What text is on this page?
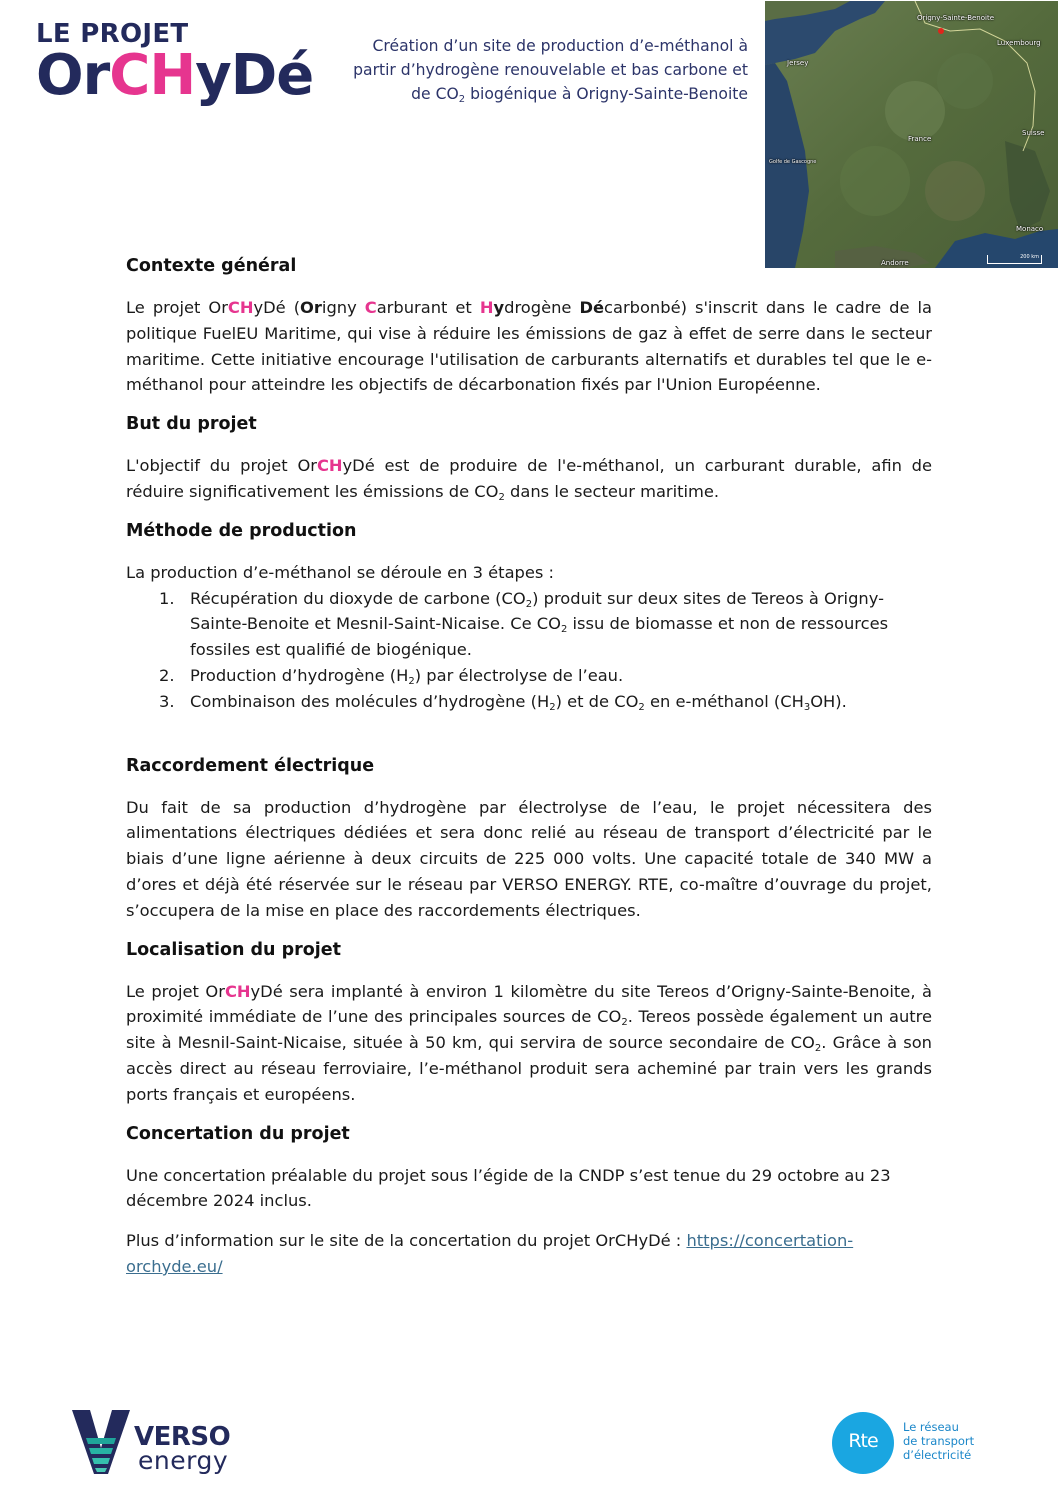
LE PROJET
OrCHyDé	Création d’un site de production d’e-méthanol à
partir d’hydrogène renouvelable et bas carbone et
de $CO_2$ biogénique à Origny-Sainte-Benoite
Origny-Sainte-Benoite
Luxembourg
Jersey
France
Suisse
Golfe de Gascogne
Monaco
Andorre
200 km
Contexte général

Le projet OrCHyDé (Origny Carburant et Hydrogène Décarbonbé) s'inscrit dans le cadre de la politique FuelEU Maritime, qui vise à réduire les émissions de gaz à effet de serre dans le secteur maritime. Cette initiative encourage l'utilisation de carburants alternatifs et durables tel que le e-méthanol pour atteindre les objectifs de décarbonation fixés par l'Union Européenne.

But du projet

L'objectif du projet OrCHyDé est de produire de l'e-méthanol, un carburant durable, afin de réduire significativement les émissions de $CO_2$ dans le secteur maritime.

Méthode de production

La production d’e-méthanol se déroule en 3 étapes :

1. Récupération du dioxyde de carbone $(CO_2)$ produit sur deux sites de Tereos à Origny-Sainte-Benoite et Mesnil-Saint-Nicaise. Ce $CO_2$ issu de biomasse et non de ressources fossiles est qualifié de biogénique.
2. Production d’hydrogène $(H_2)$ par électrolyse de l’eau.
3. Combinaison des molécules d’hydrogène $(H_2)$ et de $CO_2$ en e-méthanol $(CH_3OH)$.
Raccordement électrique

Du fait de sa production d’hydrogène par électrolyse de l’eau, le projet nécessitera des alimentations électriques dédiées et sera donc relié au réseau de transport d’électricité par le biais d’une ligne aérienne à deux circuits de 225 000 volts. Une capacité totale de 340 MW a d’ores et déjà été réservée sur le réseau par VERSO ENERGY. RTE, co-maître d’ouvrage du projet, s’occupera de la mise en place des raccordements électriques.

Localisation du projet

Le projet OrCHyDé sera implanté à environ 1 kilomètre du site Tereos d’Origny-Sainte-Benoite, à proximité immédiate de l’une des principales sources de $CO_2$. Tereos possède également un autre site à Mesnil-Saint-Nicaise, située à 50 km, qui servira de source secondaire de $CO_2$. Grâce à son accès direct au réseau ferroviaire, l’e-méthanol produit sera acheminé par train vers les grands ports français et européens.

Concertation du projet

Une concertation préalable du projet sous l’égide de la CNDP s’est tenue du 29 octobre au 23 décembre 2024 inclus.

Plus d’information sur le site de la concertation du projet OrCHyDé : https://concertation-orchyde.eu/

VERSO
energy
Rte
Le réseau
de transport
d’électricité
